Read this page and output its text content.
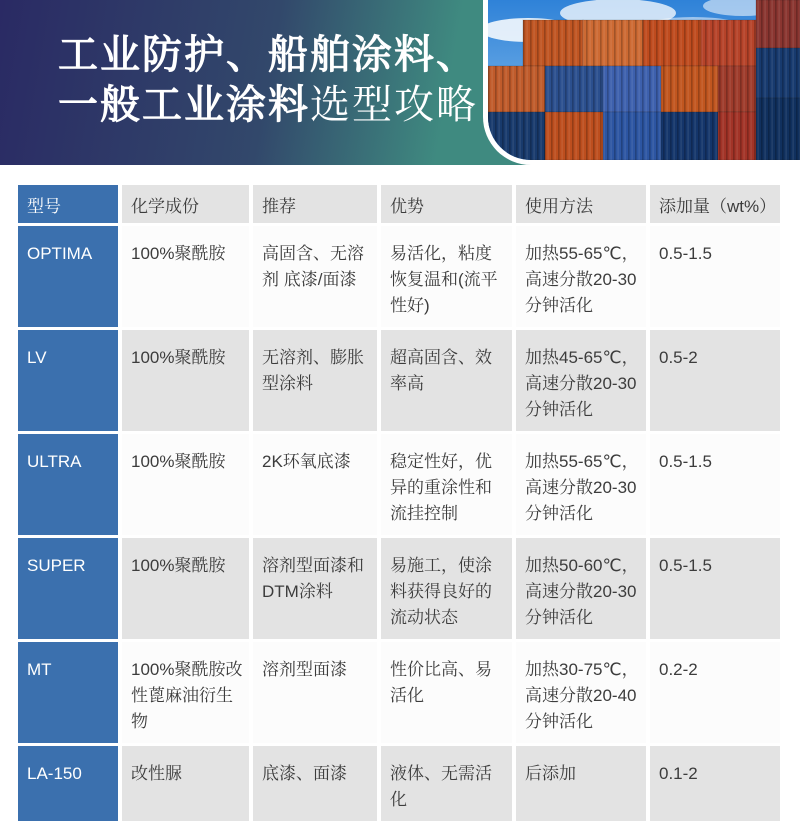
工业防护、船舶涂料、
一般工业涂料选型攻略
型号	化学成份	推荐	优势	使用方法	添加量（wt%）
OPTIMA	100%聚酰胺	高固含、无溶剂 底漆/面漆	易活化，粘度恢复温和(流平性好)	加热55-65℃，高速分散20-30分钟活化	0.5-1.5
LV	100%聚酰胺	无溶剂、膨胀型涂料	超高固含、效率高	加热45-65℃，高速分散20-30分钟活化	0.5-2
ULTRA	100%聚酰胺	2K环氧底漆	稳定性好，优异的重涂性和流挂控制	加热55-65℃，高速分散20-30分钟活化	0.5-1.5
SUPER	100%聚酰胺	溶剂型面漆和DTM涂料	易施工，使涂料获得良好的流动状态	加热50-60℃，高速分散20-30分钟活化	0.5-1.5
MT	100%聚酰胺改性蓖麻油衍生物	溶剂型面漆	性价比高、易活化	加热30-75℃，高速分散20-40分钟活化	0.2-2
LA-150	改性脲	底漆、面漆	液体、无需活化	后添加	0.1-2
